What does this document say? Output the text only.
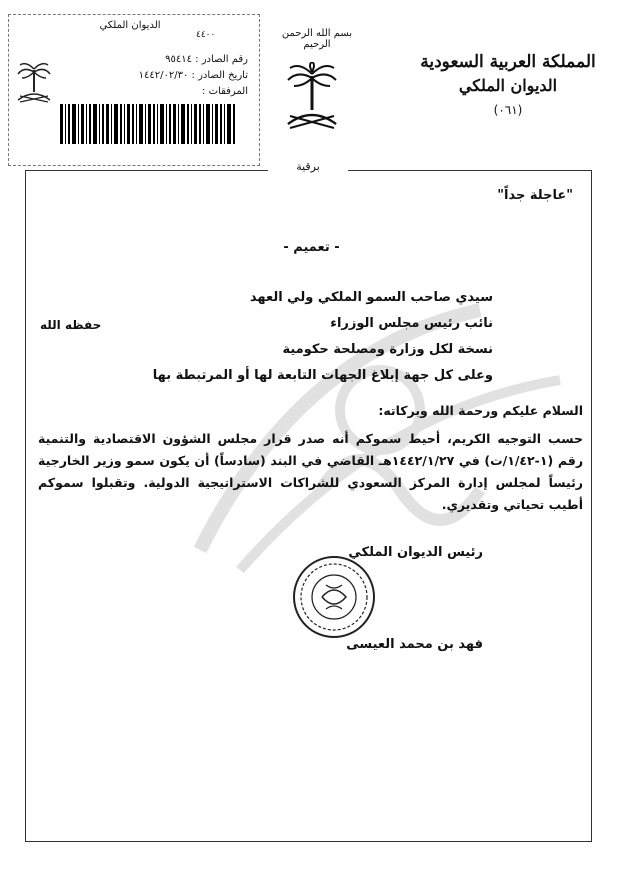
الديوان الملكي
٤٤٠٠
رقم الصادر : ٩٥٤١٤
تاريخ الصادر : ١٤٤٢/٠٢/٣٠
المرفقات :
بسم الله الرحمن الرحيم
المملكة العربية السعودية
الديوان الملكي
(٠٦١)
برقية
"عاجلة جداً"
- تعميم -
سيدي صاحب السمو الملكي ولي العهد
نائب رئيس مجلس الوزراء
نسخة لكل وزارة ومصلحة حكومية
وعلى كل جهة إبلاغ الجهات التابعة لها أو المرتبطة بها
حفظه الله
السلام عليكم ورحمة الله وبركاته:
حسب التوجيه الكريم، أحيط سموكم أنه صدر قرار مجلس الشؤون الاقتصادية والتنمية رقم (١-١/٤٢/ت) في ١٤٤٢/١/٢٧هـ القاضي في البند (سادساً) أن يكون سمو وزير الخارجية رئيساً لمجلس إدارة المركز السعودي للشراكات الاستراتيجية الدولية. وتقبلوا سموكم أطيب تحياتي وتقديري.
رئيس الديوان الملكي
فهد بن محمد العيسى
